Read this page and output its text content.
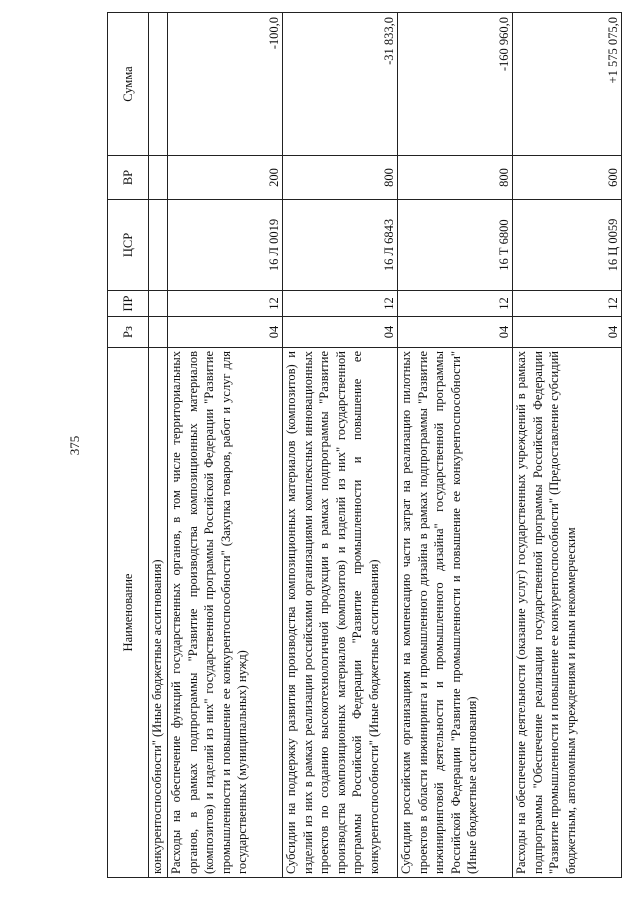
375
Наименование	Рз	ПР	ЦСР	ВР	Сумма
конкурентоспособности" (Иные бюджетные ассигнования)					
Расходы на обеспечение функций государственных органов, в том числе территориальных органов, в рамках подпрограммы "Развитие производства композиционных материалов (композитов) и изделий из них" государственной программы Российской Федерации "Развитие промышленности и повышение ее конкурентоспособности" (Закупка товаров, работ и услуг для государственных (муниципальных) нужд)	04	12	16 Л 0019	200	-100,0
Субсидии на поддержку развития производства композиционных материалов (композитов) и изделий из них в рамках реализации российскими организациями комплексных инновационных проектов по созданию высокотехнологичной продукции в рамках подпрограммы "Развитие производства композиционных материалов (композитов) и изделий из них" государственной программы Российской Федерации "Развитие промышленности и повышение ее конкурентоспособности" (Иные бюджетные ассигнования)	04	12	16 Л 6843	800	-31 833,0
Субсидии российским организациям на компенсацию части затрат на реализацию пилотных проектов в области инжиниринга и промышленного дизайна в рамках подпрограммы "Развитие инжиниринговой деятельности и промышленного дизайна" государственной программы Российской Федерации "Развитие промышленности и повышение ее конкурентоспособности" (Иные бюджетные ассигнования)	04	12	16 Т 6800	800	-160 960,0
Расходы на обеспечение деятельности (оказание услуг) государственных учреждений в рамках подпрограммы "Обеспечение реализации государственной программы Российской Федерации "Развитие промышленности и повышение ее конкурентоспособности" (Предоставление субсидий бюджетным, автономным учреждениям и иным некоммерческим	04	12	16 Ц 0059	600	+1 575 075,0
